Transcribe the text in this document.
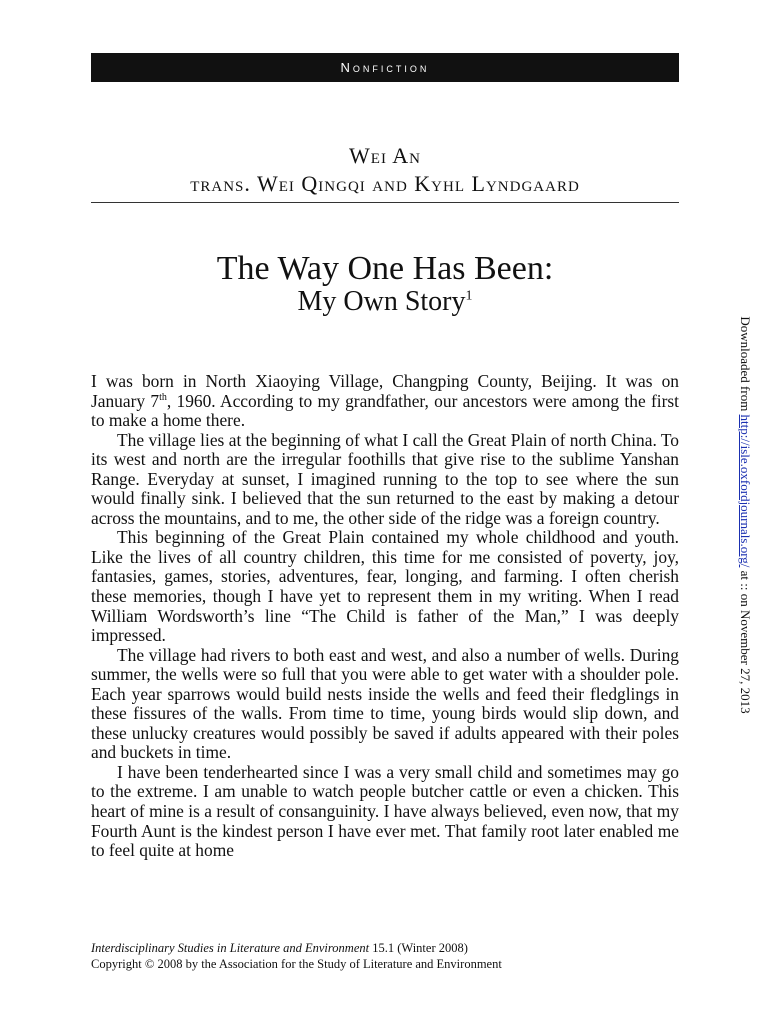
Nonfiction
Wei An
trans. Wei Qingqi and Kyhl Lyndgaard
The Way One Has Been:
My Own Story$^1$

I was born in North Xiaoying Village, Changping County, Beijing. It was on January 7th, 1960. According to my grandfather, our ancestors were among the first to make a home there.

The village lies at the beginning of what I call the Great Plain of north China. To its west and north are the irregular foothills that give rise to the sublime Yanshan Range. Everyday at sunset, I imagined running to the top to see where the sun would finally sink. I believed that the sun returned to the east by making a detour across the mountains, and to me, the other side of the ridge was a foreign country.

This beginning of the Great Plain contained my whole childhood and youth. Like the lives of all country children, this time for me consisted of poverty, joy, fantasies, games, stories, adventures, fear, longing, and farming. I often cherish these memories, though I have yet to represent them in my writing. When I read William Wordsworth’s line “The Child is father of the Man,” I was deeply impressed.

The village had rivers to both east and west, and also a number of wells. During summer, the wells were so full that you were able to get water with a shoulder pole. Each year sparrows would build nests inside the wells and feed their fledglings in these fissures of the walls. From time to time, young birds would slip down, and these unlucky creatures would possibly be saved if adults appeared with their poles and buckets in time.

I have been tenderhearted since I was a very small child and sometimes may go to the extreme. I am unable to watch people butcher cattle or even a chicken. This heart of mine is a result of consanguinity. I have always believed, even now, that my Fourth Aunt is the kindest person I have ever met. That family root later enabled me to feel quite at home

Interdisciplinary Studies in Literature and Environment 15.1 (Winter 2008)
Copyright © 2008 by the Association for the Study of Literature and Environment
Downloaded from http://isle.oxfordjournals.org/ at :: on November 27, 2013
